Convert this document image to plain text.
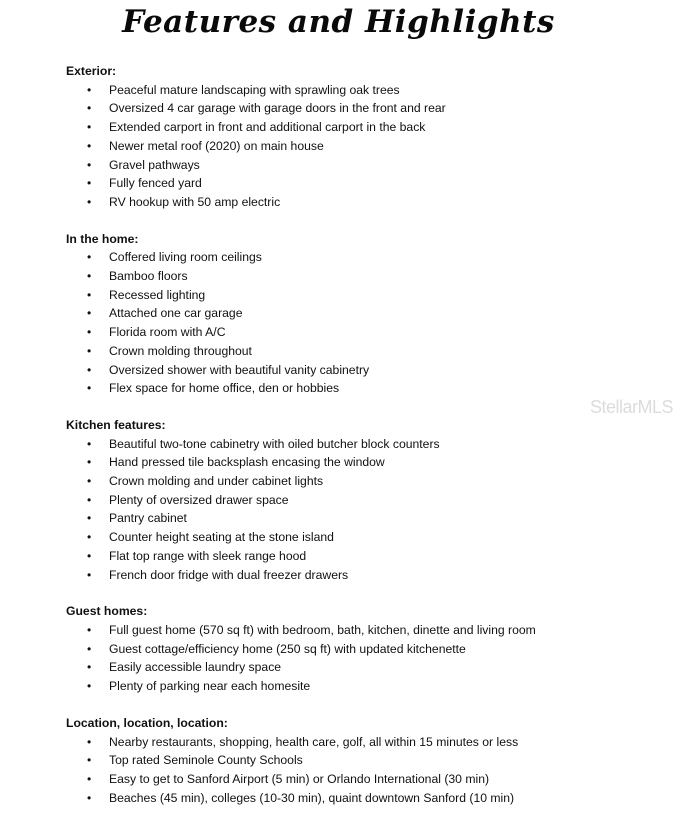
Features and Highlights
StellarMLS

Exterior:

• Peaceful mature landscaping with sprawling oak trees
• Oversized 4 car garage with garage doors in the front and rear
• Extended carport in front and additional carport in the back
• Newer metal roof (2020) on main house
• Gravel pathways
• Fully fenced yard
• RV hookup with 50 amp electric

In the home:

• Coffered living room ceilings
• Bamboo floors
• Recessed lighting
• Attached one car garage
• Florida room with A/C
• Crown molding throughout
• Oversized shower with beautiful vanity cabinetry
• Flex space for home office, den or hobbies

Kitchen features:

• Beautiful two-tone cabinetry with oiled butcher block counters
• Hand pressed tile backsplash encasing the window
• Crown molding and under cabinet lights
• Plenty of oversized drawer space
• Pantry cabinet
• Counter height seating at the stone island
• Flat top range with sleek range hood
• French door fridge with dual freezer drawers

Guest homes:

• Full guest home (570 sq ft) with bedroom, bath, kitchen, dinette and living room
• Guest cottage/efficiency home (250 sq ft) with updated kitchenette
• Easily accessible laundry space
• Plenty of parking near each homesite

Location, location, location:

• Nearby restaurants, shopping, health care, golf, all within 15 minutes or less
• Top rated Seminole County Schools
• Easy to get to Sanford Airport (5 min) or Orlando International (30 min)
• Beaches (45 min), colleges (10-30 min), quaint downtown Sanford (10 min)
